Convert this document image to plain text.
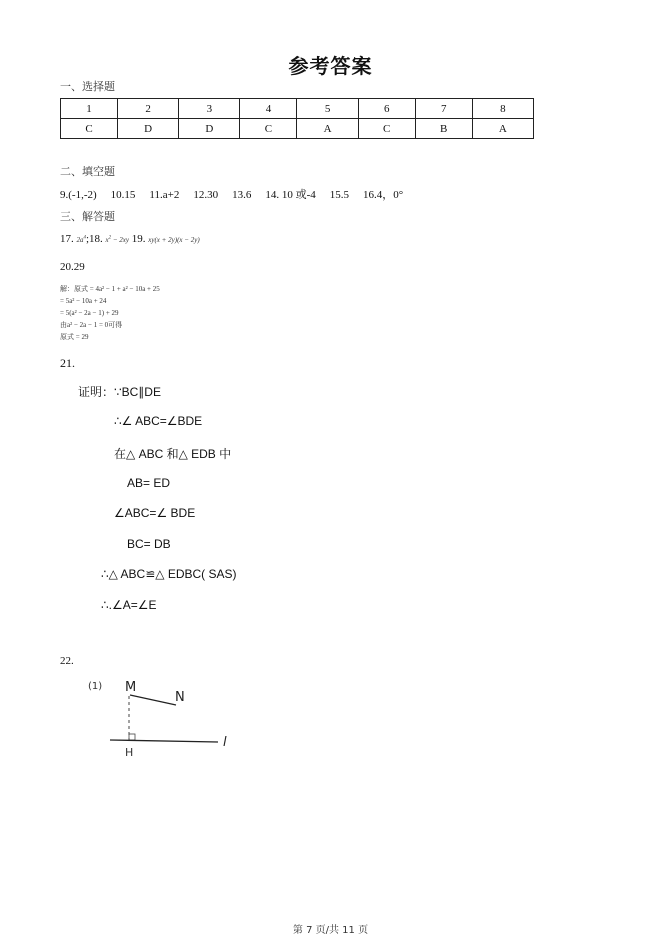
参考答案
一、选择题
1	2	3	4	5	6	7	8
C	D	D	C	A	C	B	A
二、填空题
9.(-1,-2) 10.15 11.a+2 12.30 13.6 14. 10 或-4 15.5 16.4，0°
三、解答题
17. $2a^4;18$. $x^2 - 2xy$ 19. xy(x + 2y)(x − 2y)
20.29
解：原式 = 4a² − 1 + a² − 10a + 25
= 5a² − 10a + 24
= 5(a² − 2a − 1) + 29
由a² − 2a − 1 = 0可得
原式 = 29
21.
证明：∵BC∥DE
∴∠ ABC=∠BDE
在△ ABC 和△ EDB 中
AB= ED
∠ABC=∠ BDE
BC= DB
∴△ ABC≌△ EDBC( SAS)
∴.∠A=∠E
22.
(1) M
N
l
H
第 7 页/共 11 页
